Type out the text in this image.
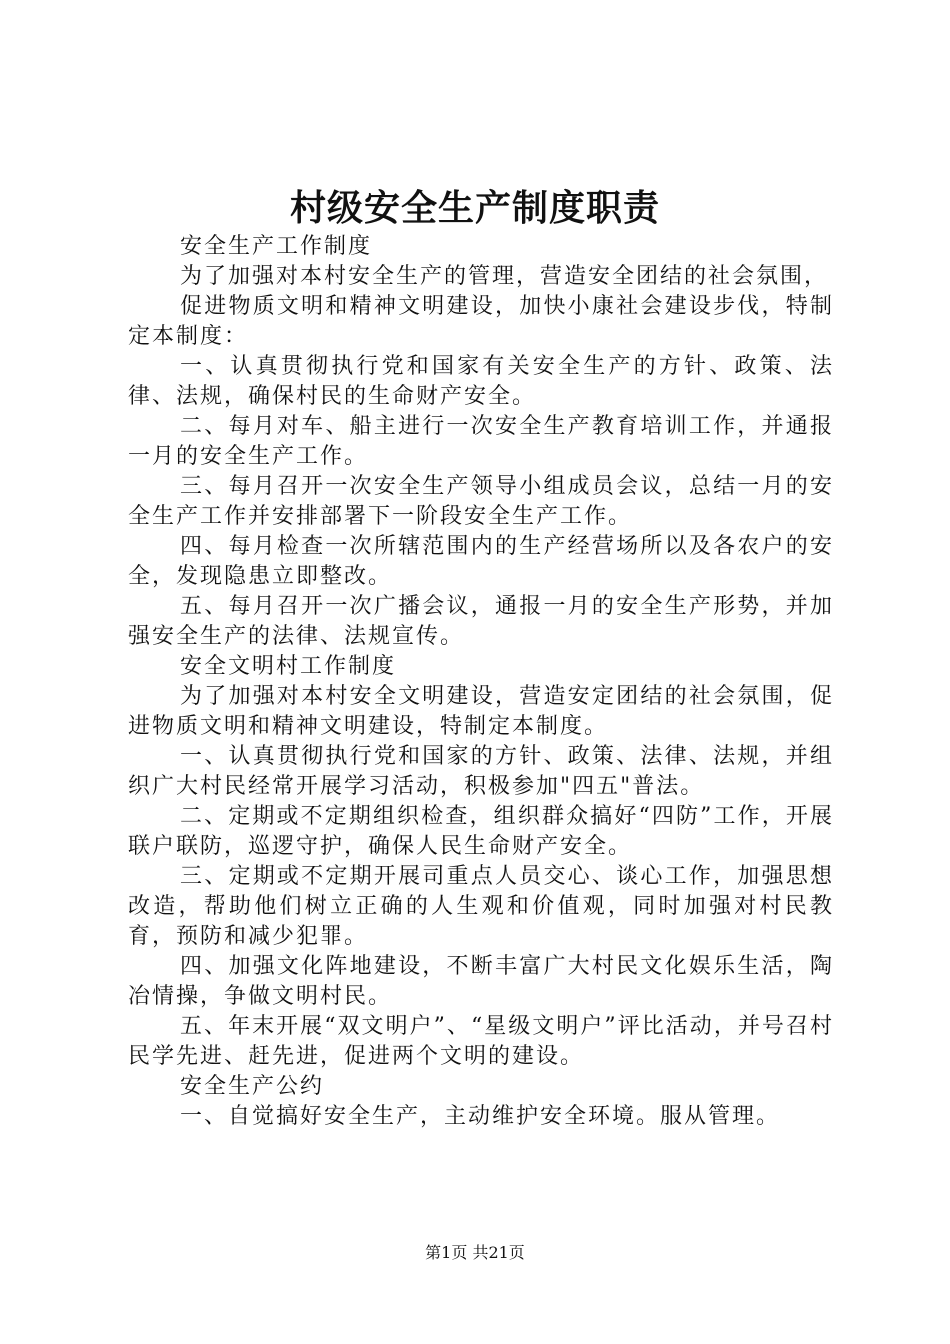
村级安全生产制度职责

安全生产工作制度

为了加强对本村安全生产的管理，营造安全团结的社会氛围，

促进物质文明和精神文明建设，加快小康社会建设步伐，特制定本制度：

一、认真贯彻执行党和国家有关安全生产的方针、政策、法律、法规，确保村民的生命财产安全。

二、每月对车、船主进行一次安全生产教育培训工作，并通报一月的安全生产工作。

三、每月召开一次安全生产领导小组成员会议，总结一月的安全生产工作并安排部署下一阶段安全生产工作。

四、每月检查一次所辖范围内的生产经营场所以及各农户的安全，发现隐患立即整改。

五、每月召开一次广播会议，通报一月的安全生产形势，并加强安全生产的法律、法规宣传。

安全文明村工作制度

为了加强对本村安全文明建设，营造安定团结的社会氛围，促进物质文明和精神文明建设，特制定本制度。

一、认真贯彻执行党和国家的方针、政策、法律、法规，并组织广大村民经常开展学习活动，积极参加"四五"普法。

二、定期或不定期组织检查，组织群众搞好“四防”工作，开展联户联防，巡逻守护，确保人民生命财产安全。

三、定期或不定期开展司重点人员交心、谈心工作，加强思想改造，帮助他们树立正确的人生观和价值观，同时加强对村民教育，预防和减少犯罪。

四、加强文化阵地建设，不断丰富广大村民文化娱乐生活，陶冶情操，争做文明村民。

五、年末开展“双文明户”、“星级文明户”评比活动，并号召村民学先进、赶先进，促进两个文明的建设。

安全生产公约

一、自觉搞好安全生产，主动维护安全环境。服从管理。

第1页 共21页
